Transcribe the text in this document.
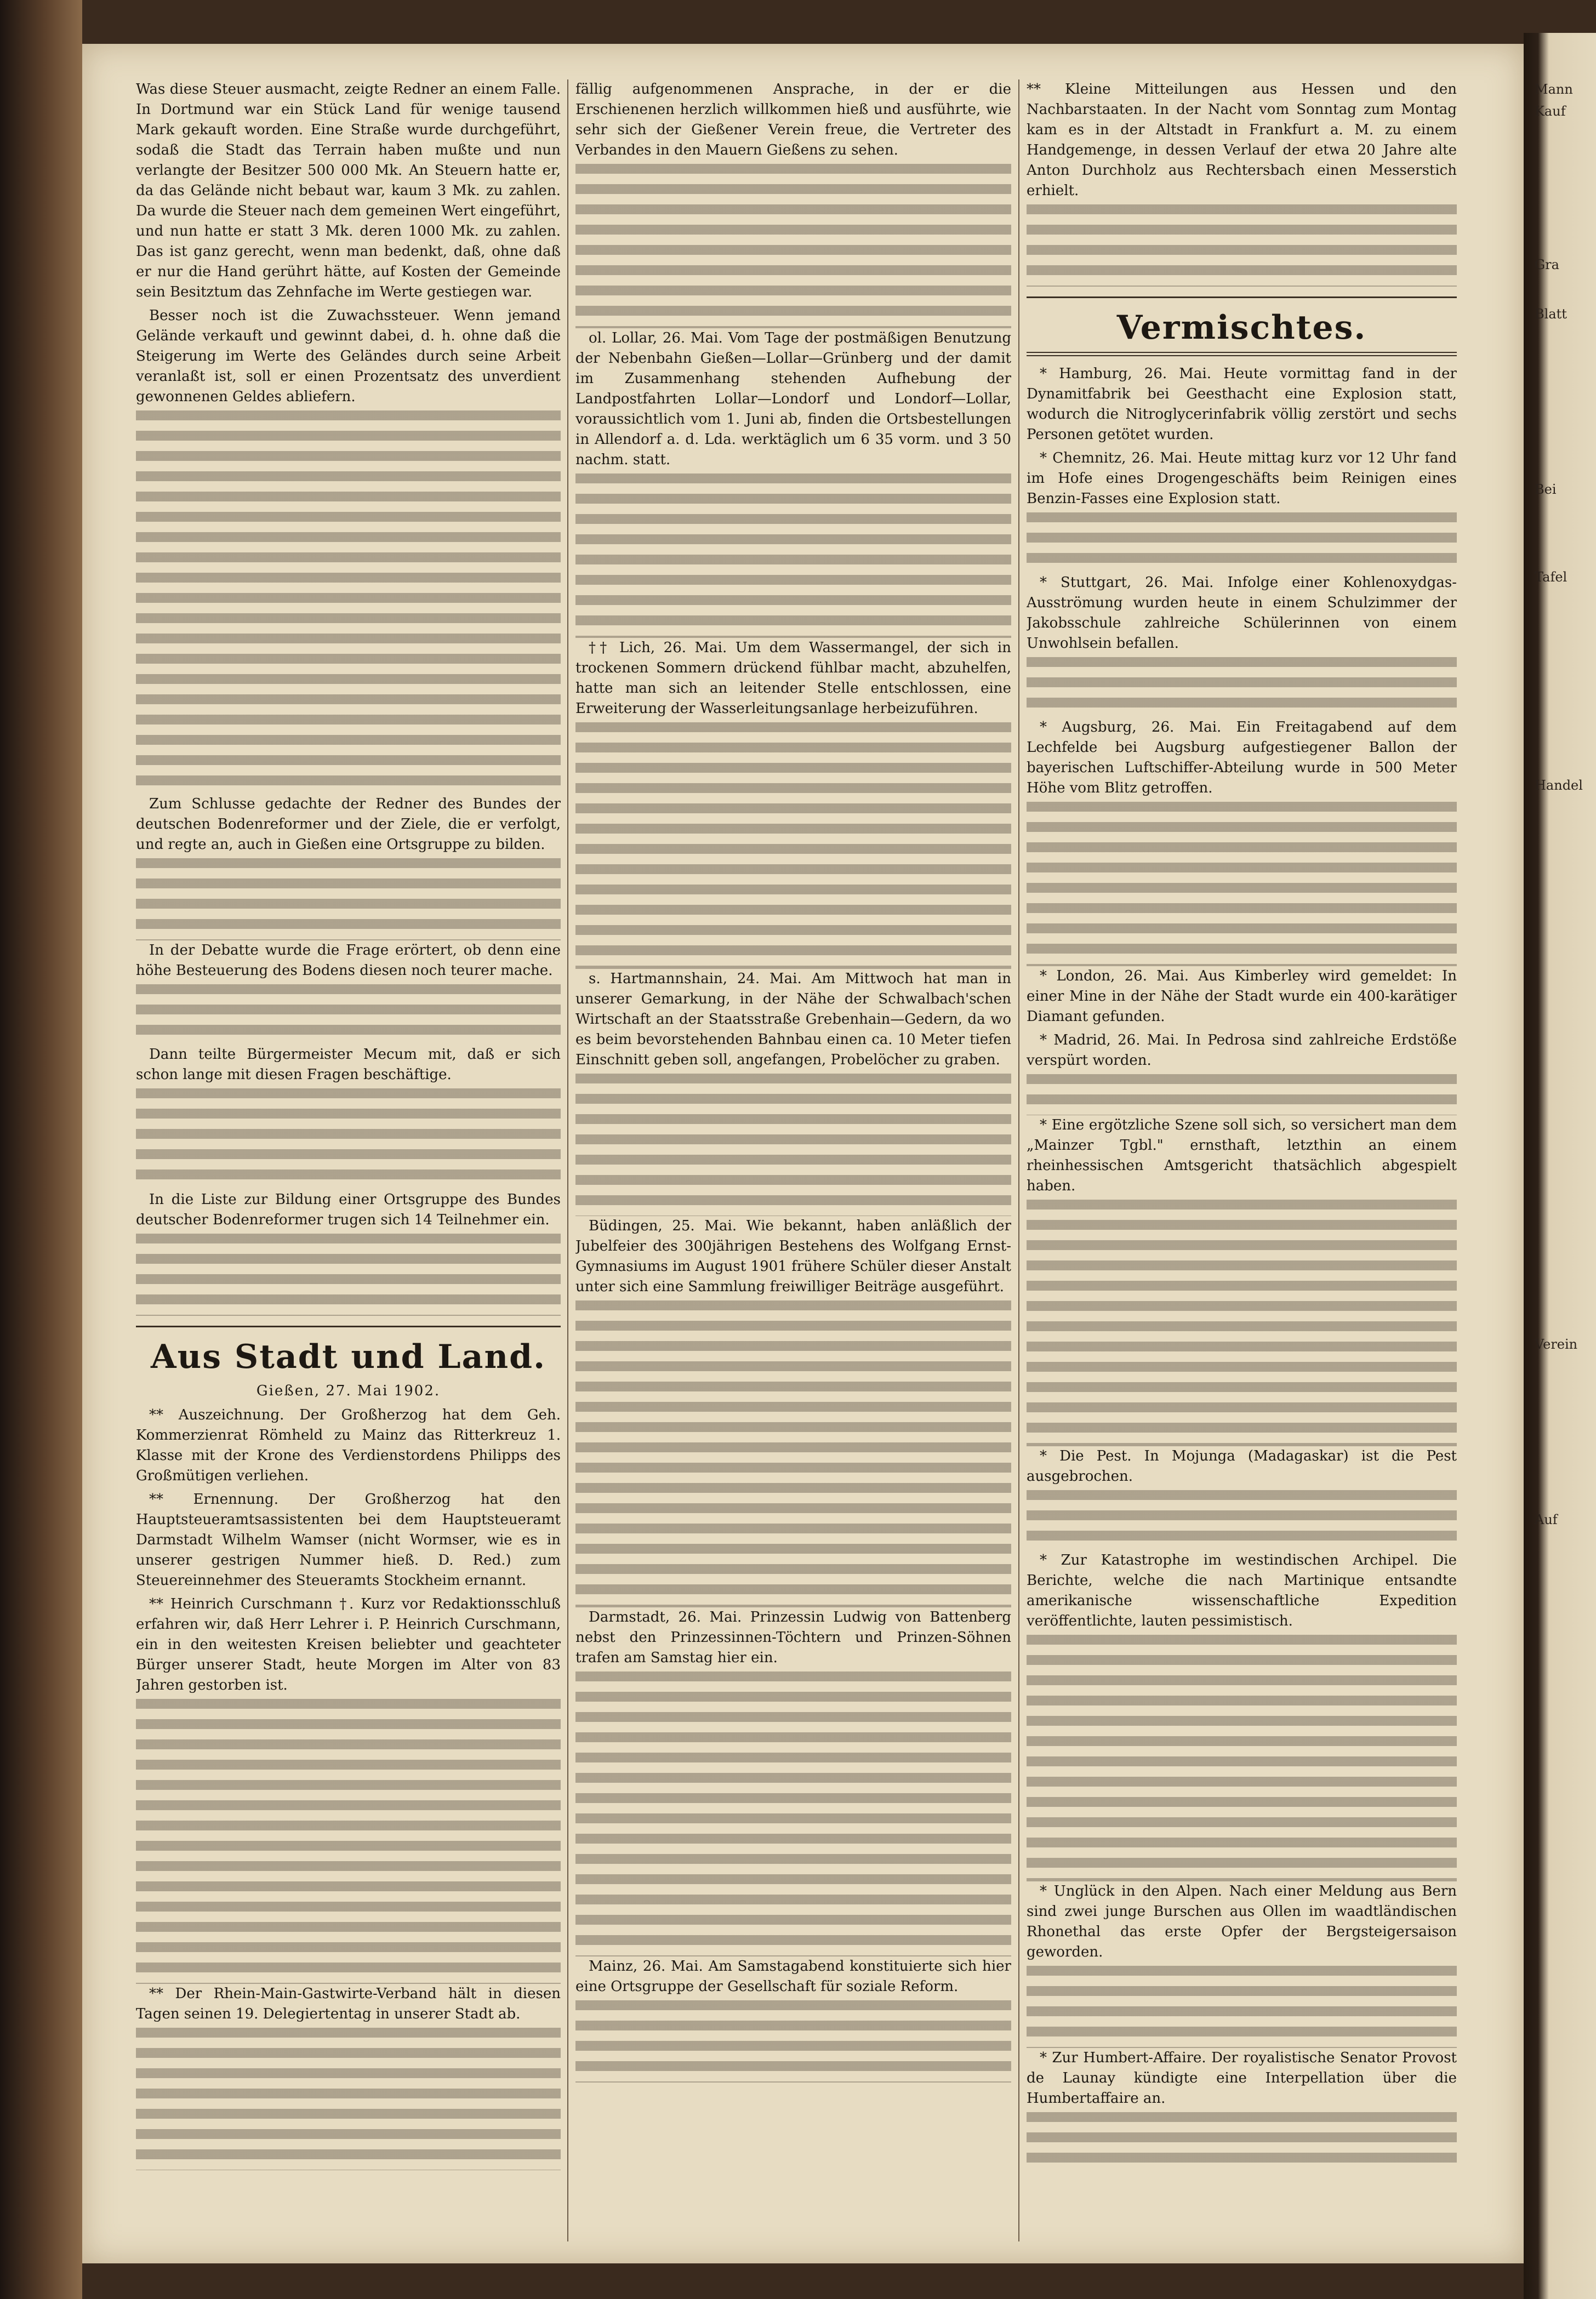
Mann
Kauf
Gra
Blatt
Bei
Tafel
Handel
Verein
Auf

Was diese Steuer ausmacht, zeigte Redner an einem Falle. In Dortmund war ein Stück Land für wenige tausend Mark gekauft worden. Eine Straße wurde durchgeführt, sodaß die Stadt das Terrain haben mußte und nun verlangte der Besitzer 500 000 Mk. An Steuern hatte er, da das Gelände nicht bebaut war, kaum 3 Mk. zu zahlen. Da wurde die Steuer nach dem gemeinen Wert eingeführt, und nun hatte er statt 3 Mk. deren 1000 Mk. zu zahlen. Das ist ganz gerecht, wenn man bedenkt, daß, ohne daß er nur die Hand gerührt hätte, auf Kosten der Gemeinde sein Besitztum das Zehnfache im Werte gestiegen war.

Besser noch ist die Zuwachssteuer. Wenn jemand Gelände verkauft und gewinnt dabei, d. h. ohne daß die Steigerung im Werte des Geländes durch seine Arbeit veranlaßt ist, soll er einen Prozentsatz des unverdient gewonnenen Geldes abliefern.

Zum Schlusse gedachte der Redner des Bundes der deutschen Bodenreformer und der Ziele, die er verfolgt, und regte an, auch in Gießen eine Ortsgruppe zu bilden.

In der Debatte wurde die Frage erörtert, ob denn eine höhe Besteuerung des Bodens diesen noch teurer mache.

Dann teilte Bürgermeister Mecum mit, daß er sich schon lange mit diesen Fragen beschäftige.

In die Liste zur Bildung einer Ortsgruppe des Bundes deutscher Bodenreformer trugen sich 14 Teilnehmer ein.

Aus Stadt und Land.
Gießen, 27. Mai 1902.

** Auszeichnung. Der Großherzog hat dem Geh. Kommerzienrat Römheld zu Mainz das Ritterkreuz 1. Klasse mit der Krone des Verdienstordens Philipps des Großmütigen verliehen.

** Ernennung. Der Großherzog hat den Hauptsteueramtsassistenten bei dem Hauptsteueramt Darmstadt Wilhelm Wamser (nicht Wormser, wie es in unserer gestrigen Nummer hieß. D. Red.) zum Steuereinnehmer des Steueramts Stockheim ernannt.

** Heinrich Curschmann †. Kurz vor Redaktionsschluß erfahren wir, daß Herr Lehrer i. P. Heinrich Curschmann, ein in den weitesten Kreisen beliebter und geachteter Bürger unserer Stadt, heute Morgen im Alter von 83 Jahren gestorben ist.

** Der Rhein-Main-Gastwirte-Verband hält in diesen Tagen seinen 19. Delegiertentag in unserer Stadt ab.

fällig aufgenommenen Ansprache, in der er die Erschienenen herzlich willkommen hieß und ausführte, wie sehr sich der Gießener Verein freue, die Vertreter des Verbandes in den Mauern Gießens zu sehen.

ol. Lollar, 26. Mai. Vom Tage der postmäßigen Benutzung der Nebenbahn Gießen—Lollar—Grünberg und der damit im Zusammenhang stehenden Aufhebung der Landpostfahrten Lollar—Londorf und Londorf—Lollar, voraussichtlich vom 1. Juni ab, finden die Ortsbestellungen in Allendorf a. d. Lda. werktäglich um 6 35 vorm. und 3 50 nachm. statt.

†† Lich, 26. Mai. Um dem Wassermangel, der sich in trockenen Sommern drückend fühlbar macht, abzuhelfen, hatte man sich an leitender Stelle entschlossen, eine Erweiterung der Wasserleitungsanlage herbeizuführen.

s. Hartmannshain, 24. Mai. Am Mittwoch hat man in unserer Gemarkung, in der Nähe der Schwalbach'schen Wirtschaft an der Staatsstraße Grebenhain—Gedern, da wo es beim bevorstehenden Bahnbau einen ca. 10 Meter tiefen Einschnitt geben soll, angefangen, Probelöcher zu graben.

Büdingen, 25. Mai. Wie bekannt, haben anläßlich der Jubelfeier des 300jährigen Bestehens des Wolfgang Ernst-Gymnasiums im August 1901 frühere Schüler dieser Anstalt unter sich eine Sammlung freiwilliger Beiträge ausgeführt.

Darmstadt, 26. Mai. Prinzessin Ludwig von Battenberg nebst den Prinzessinnen-Töchtern und Prinzen-Söhnen trafen am Samstag hier ein.

Mainz, 26. Mai. Am Samstagabend konstituierte sich hier eine Ortsgruppe der Gesellschaft für soziale Reform.

** Kleine Mitteilungen aus Hessen und den Nachbarstaaten. In der Nacht vom Sonntag zum Montag kam es in der Altstadt in Frankfurt a. M. zu einem Handgemenge, in dessen Verlauf der etwa 20 Jahre alte Anton Durchholz aus Rechtersbach einen Messerstich erhielt.

Vermischtes.

* Hamburg, 26. Mai. Heute vormittag fand in der Dynamitfabrik bei Geesthacht eine Explosion statt, wodurch die Nitroglycerinfabrik völlig zerstört und sechs Personen getötet wurden.

* Chemnitz, 26. Mai. Heute mittag kurz vor 12 Uhr fand im Hofe eines Drogengeschäfts beim Reinigen eines Benzin-Fasses eine Explosion statt.

* Stuttgart, 26. Mai. Infolge einer Kohlenoxydgas-Ausströmung wurden heute in einem Schulzimmer der Jakobsschule zahlreiche Schülerinnen von einem Unwohlsein befallen.

* Augsburg, 26. Mai. Ein Freitagabend auf dem Lechfelde bei Augsburg aufgestiegener Ballon der bayerischen Luftschiffer-Abteilung wurde in 500 Meter Höhe vom Blitz getroffen.

* London, 26. Mai. Aus Kimberley wird gemeldet: In einer Mine in der Nähe der Stadt wurde ein 400-karätiger Diamant gefunden.

* Madrid, 26. Mai. In Pedrosa sind zahlreiche Erdstöße verspürt worden.

* Eine ergötzliche Szene soll sich, so versichert man dem „Mainzer Tgbl." ernsthaft, letzthin an einem rheinhessischen Amtsgericht thatsächlich abgespielt haben.

* Die Pest. In Mojunga (Madagaskar) ist die Pest ausgebrochen.

* Zur Katastrophe im westindischen Archipel. Die Berichte, welche die nach Martinique entsandte amerikanische wissenschaftliche Expedition veröffentlichte, lauten pessimistisch.

* Unglück in den Alpen. Nach einer Meldung aus Bern sind zwei junge Burschen aus Ollen im waadtländischen Rhonethal das erste Opfer der Bergsteigersaison geworden.

* Zur Humbert-Affaire. Der royalistische Senator Provost de Launay kündigte eine Interpellation über die Humbertaffaire an.
